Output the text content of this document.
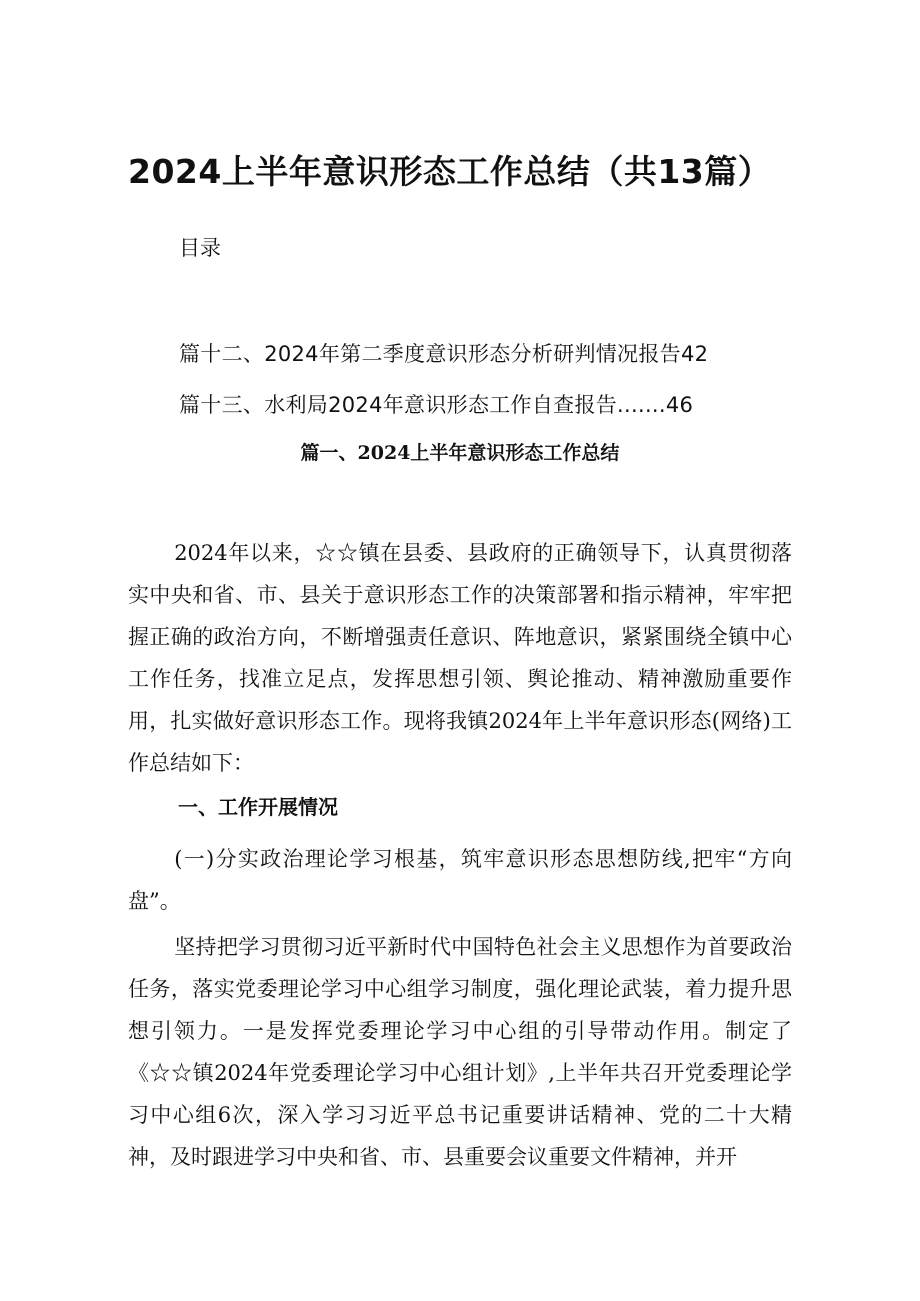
2024上半年意识形态工作总结（共13篇）
目录
篇十二、2024年第二季度意识形态分析研判情况报告42
篇十三、水利局2024年意识形态工作自查报告.......46
篇一、2024上半年意识形态工作总结

2024年以来，☆☆镇在县委、县政府的正确领导下，认真贯彻落实中央和省、市、县关于意识形态工作的决策部署和指示精神，牢牢把握正确的政治方向，不断增强责任意识、阵地意识，紧紧围绕全镇中心工作任务，找准立足点，发挥思想引领、舆论推动、精神激励重要作用，扎实做好意识形态工作。现将我镇2024年上半年意识形态(网络)工作总结如下：

一、工作开展情况

(一)分实政治理论学习根基，筑牢意识形态思想防线,把牢“方向盘”。

坚持把学习贯彻习近平新时代中国特色社会主义思想作为首要政治任务，落实党委理论学习中心组学习制度，强化理论武装，着力提升思想引领力。一是发挥党委理论学习中心组的引导带动作用。制定了《☆☆镇2024年党委理论学习中心组计划》,上半年共召开党委理论学习中心组6次，深入学习习近平总书记重要讲话精神、党的二十大精神，及时跟进学习中央和省、市、县重要会议重要文件精神，并开
